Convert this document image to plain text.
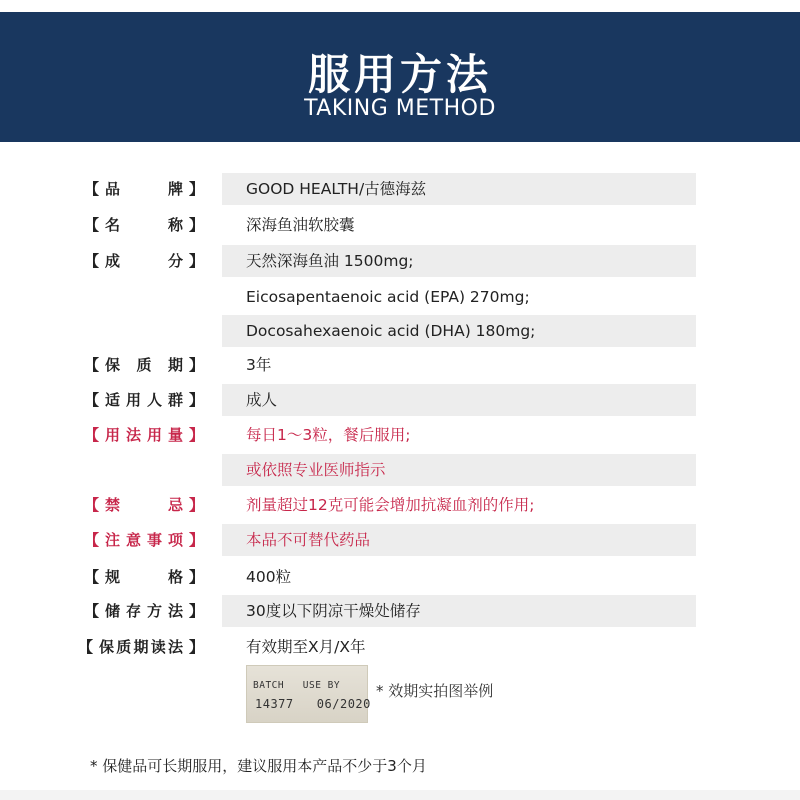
服用方法
TAKING METHOD
【 品	牌 】	GOOD HEALTH/古德海兹
【 名	称 】	深海鱼油软胶囊
【 成	分 】	天然深海鱼油 1500mg;
Eicosapentaenoic acid (EPA) 270mg;
Docosahexaenoic acid (DHA) 180mg;
【 保 质 期 】	3年
【 适 用 人 群 】	成人
【 用 法 用 量 】	每日1～3粒，餐后服用;
或依照专业医师指示
【 禁	忌 】	剂量超过12克可能会增加抗凝血剂的作用;
【 注 意 事 项 】	本品不可替代药品
【 规	格 】	400粒
【 储 存 方 法 】	30度以下阴凉干燥处储存
【 保 质 期 读 法 】	有效期至X月/X年
BATCH   USE BY
14377   06/2020
* 效期实拍图举例
* 保健品可长期服用，建议服用本产品不少于3个月
